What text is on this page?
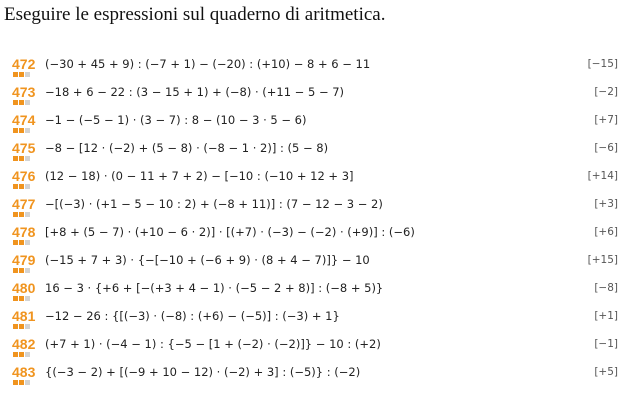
Eseguire le espressioni sul quaderno di aritmetica.
472 (−30 + 45 + 9) : (−7 + 1) − (−20) : (+10) − 8 + 6 − 11	[−15]
473 −18 + 6 − 22 : (3 − 15 + 1) + (−8) · (+11 − 5 − 7)	[−2]
474 −1 − (−5 − 1) · (3 − 7) : 8 − (10 − 3 · 5 − 6)	[+7]
475 −8 − [12 · (−2) + (5 − 8) · (−8 − 1 · 2)] : (5 − 8)	[−6]
476 (12 − 18) · (0 − 11 + 7 + 2) − [−10 : (−10 + 12 + 3]	[+14]
477 −[(−3) · (+1 − 5 − 10 : 2) + (−8 + 11)] : (7 − 12 − 3 − 2)	[+3]
478 [+8 + (5 − 7) · (+10 − 6 · 2)] · [(+7) · (−3) − (−2) · (+9)] : (−6)	[+6]
479 (−15 + 7 + 3) · {−[−10 + (−6 + 9) · (8 + 4 − 7)]} − 10	[+15]
480 16 − 3 · {+6 + [−(+3 + 4 − 1) · (−5 − 2 + 8)] : (−8 + 5)}	[−8]
481 −12 − 26 : {[(−3) · (−8) : (+6) − (−5)] : (−3) + 1}	[+1]
482 (+7 + 1) · (−4 − 1) : {−5 − [1 + (−2) · (−2)]} − 10 : (+2)	[−1]
483 {(−3 − 2) + [(−9 + 10 − 12) · (−2) + 3] : (−5)} : (−2)	[+5]
